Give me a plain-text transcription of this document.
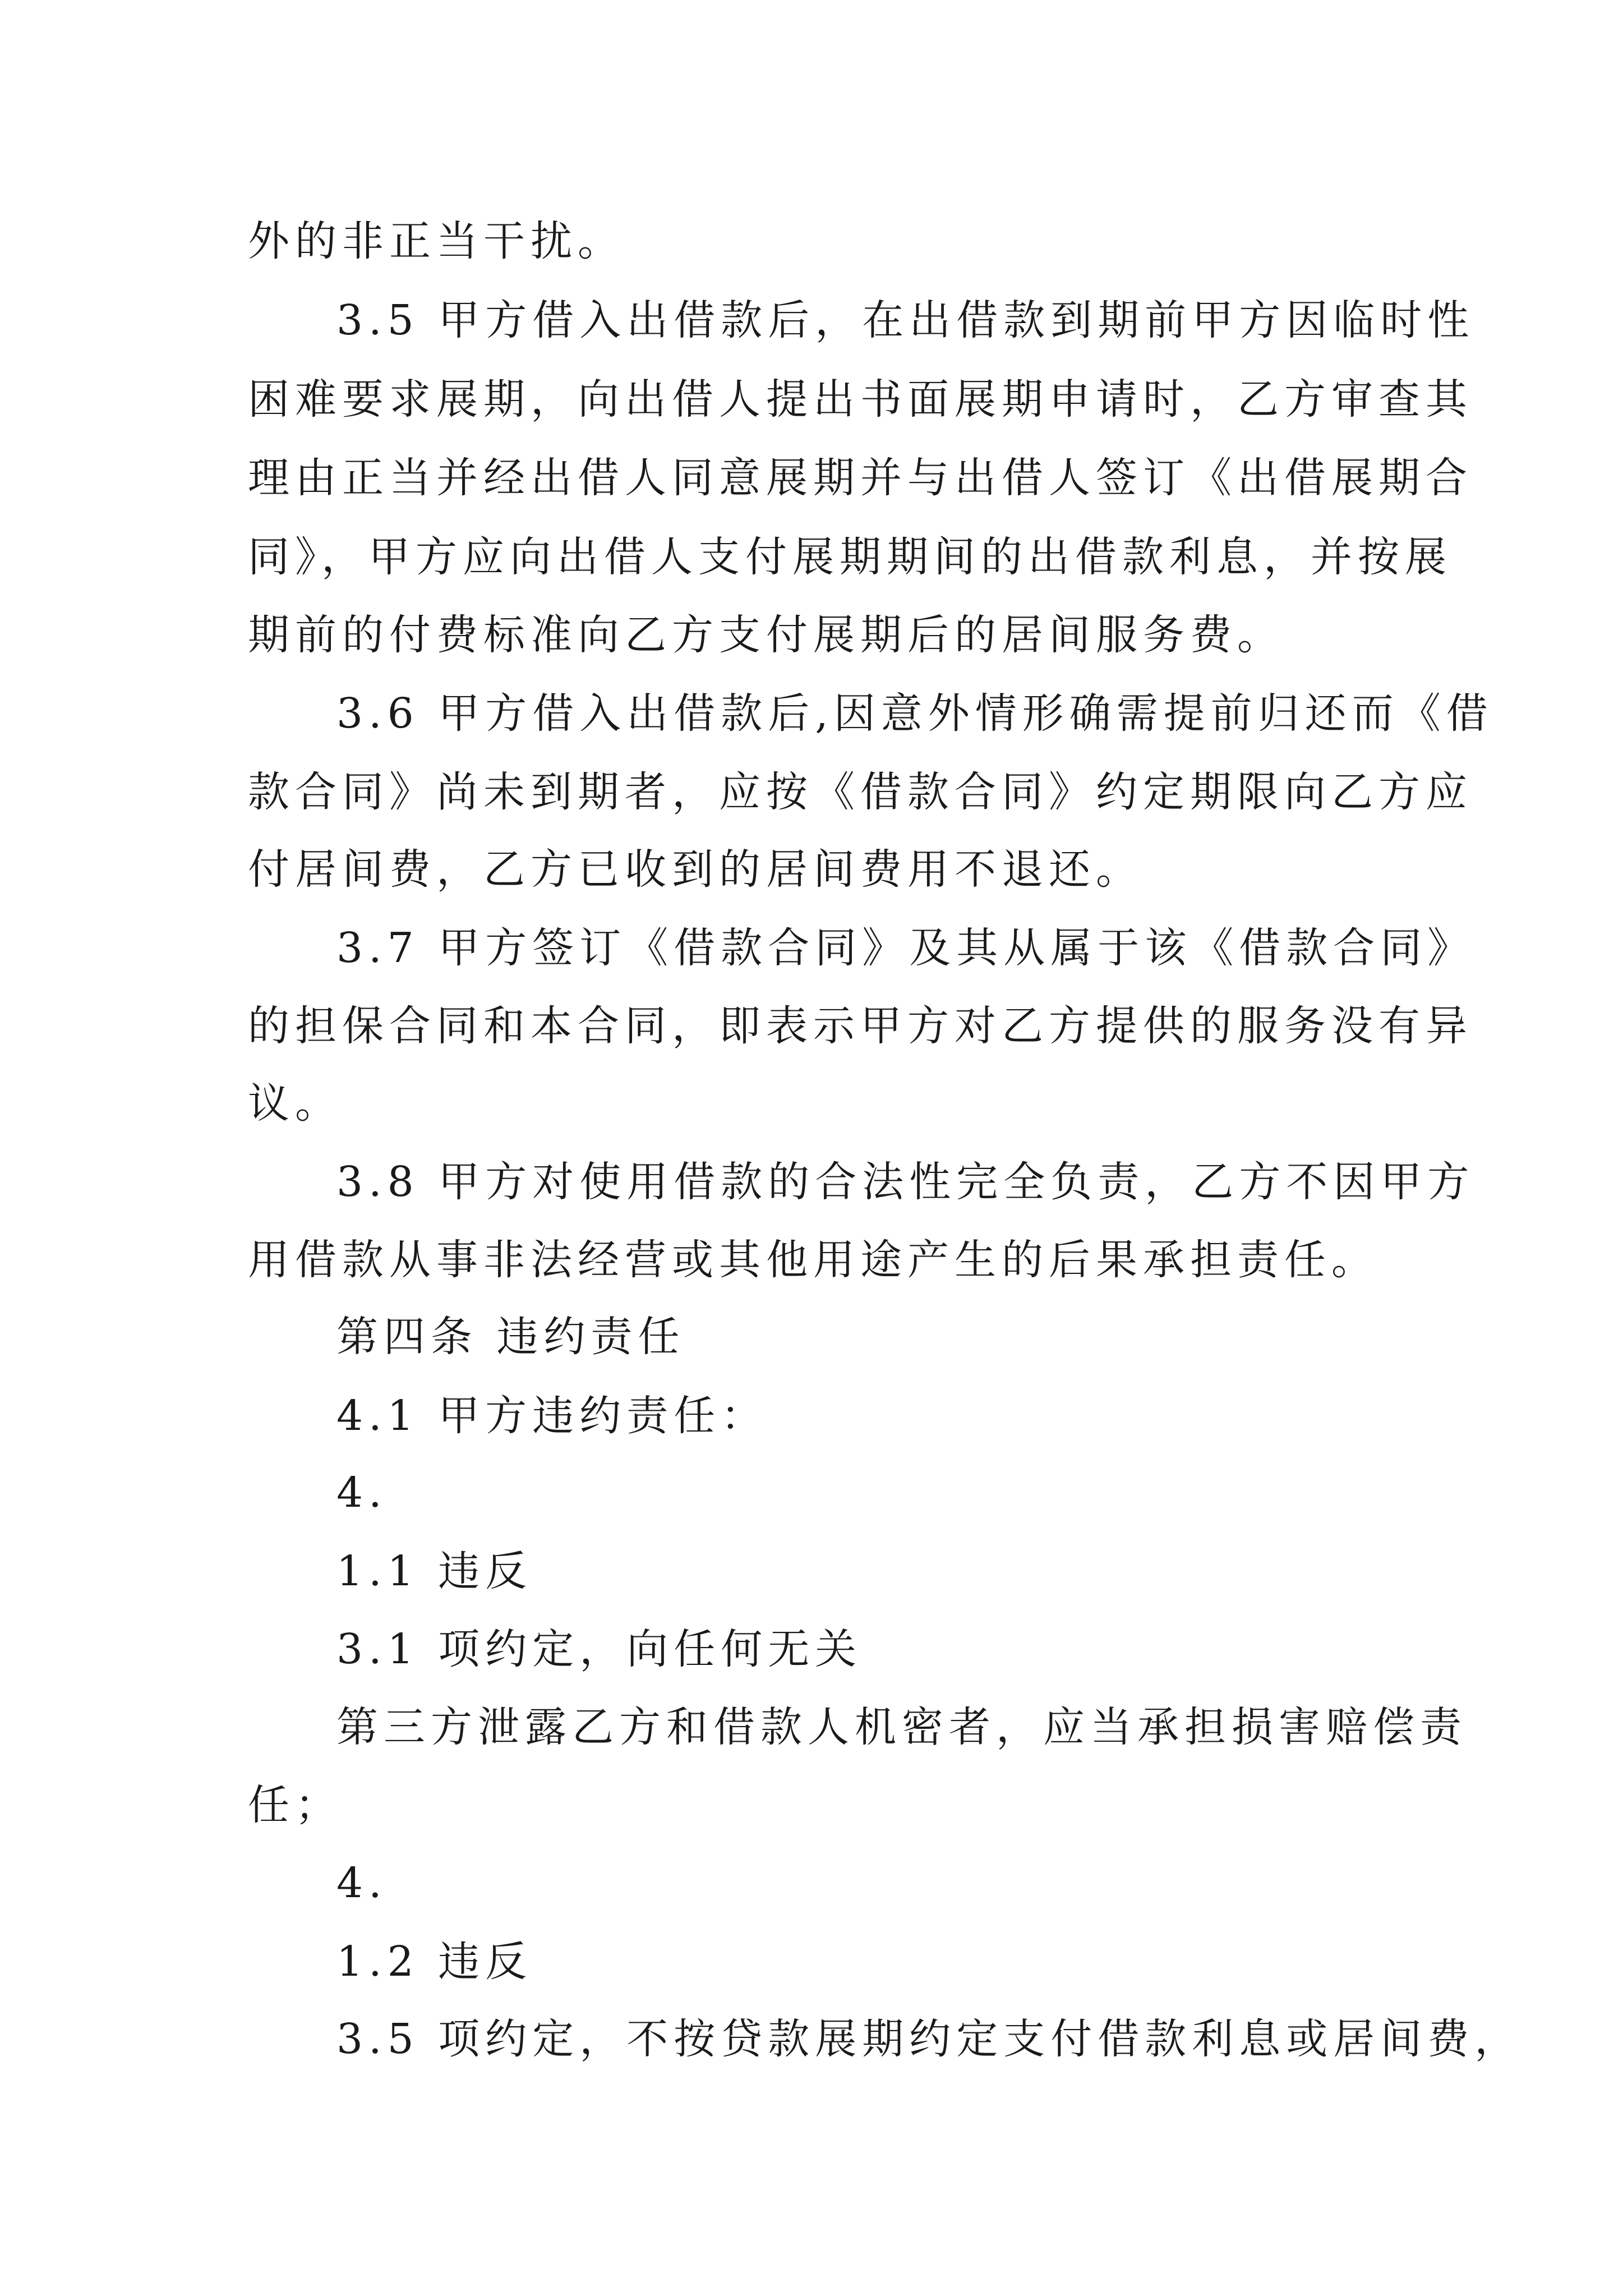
外的非正当干扰。
3.5 甲方借入出借款后，在出借款到期前甲方因临时性
困难要求展期，向出借人提出书面展期申请时，乙方审查其
理由正当并经出借人同意展期并与出借人签订《出借展期合
同》，甲方应向出借人支付展期期间的出借款利息，并按展
期前的付费标准向乙方支付展期后的居间服务费。
3.6 甲方借入出借款后,因意外情形确需提前归还而《借
款合同》尚未到期者，应按《借款合同》约定期限向乙方应
付居间费，乙方已收到的居间费用不退还。
3.7 甲方签订《借款合同》及其从属于该《借款合同》
的担保合同和本合同，即表示甲方对乙方提供的服务没有异
议。
3.8 甲方对使用借款的合法性完全负责，乙方不因甲方
用借款从事非法经营或其他用途产生的后果承担责任。
第四条 违约责任
4.1 甲方违约责任：
4.
1.1 违反
3.1 项约定，向任何无关
第三方泄露乙方和借款人机密者，应当承担损害赔偿责
任；
4.
1.2 违反
3.5 项约定，不按贷款展期约定支付借款利息或居间费，
